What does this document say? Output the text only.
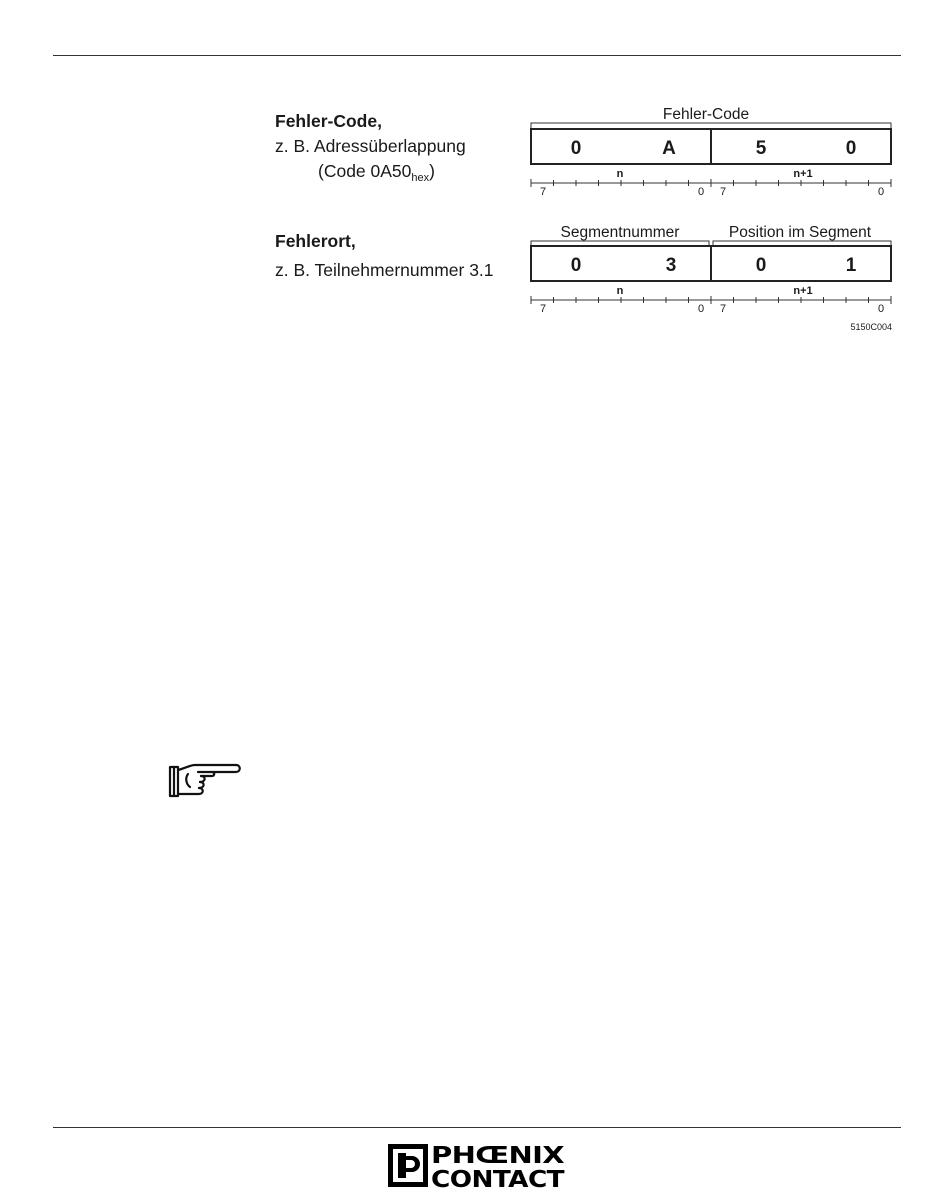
Fehler-Code,
z. B. Adressüberlappung
(Code $0A50_{hex}$)
Fehlerort,
z. B. Teilnehmernummer 3.1
Fehler-Code
0	A	5	0
n	n+1
7	0 7	0
Segmentnummer	Position im Segment
0	3	0	1
n	n+1
7	0 7	0
5150C004
PHŒNIX
CONTACT
